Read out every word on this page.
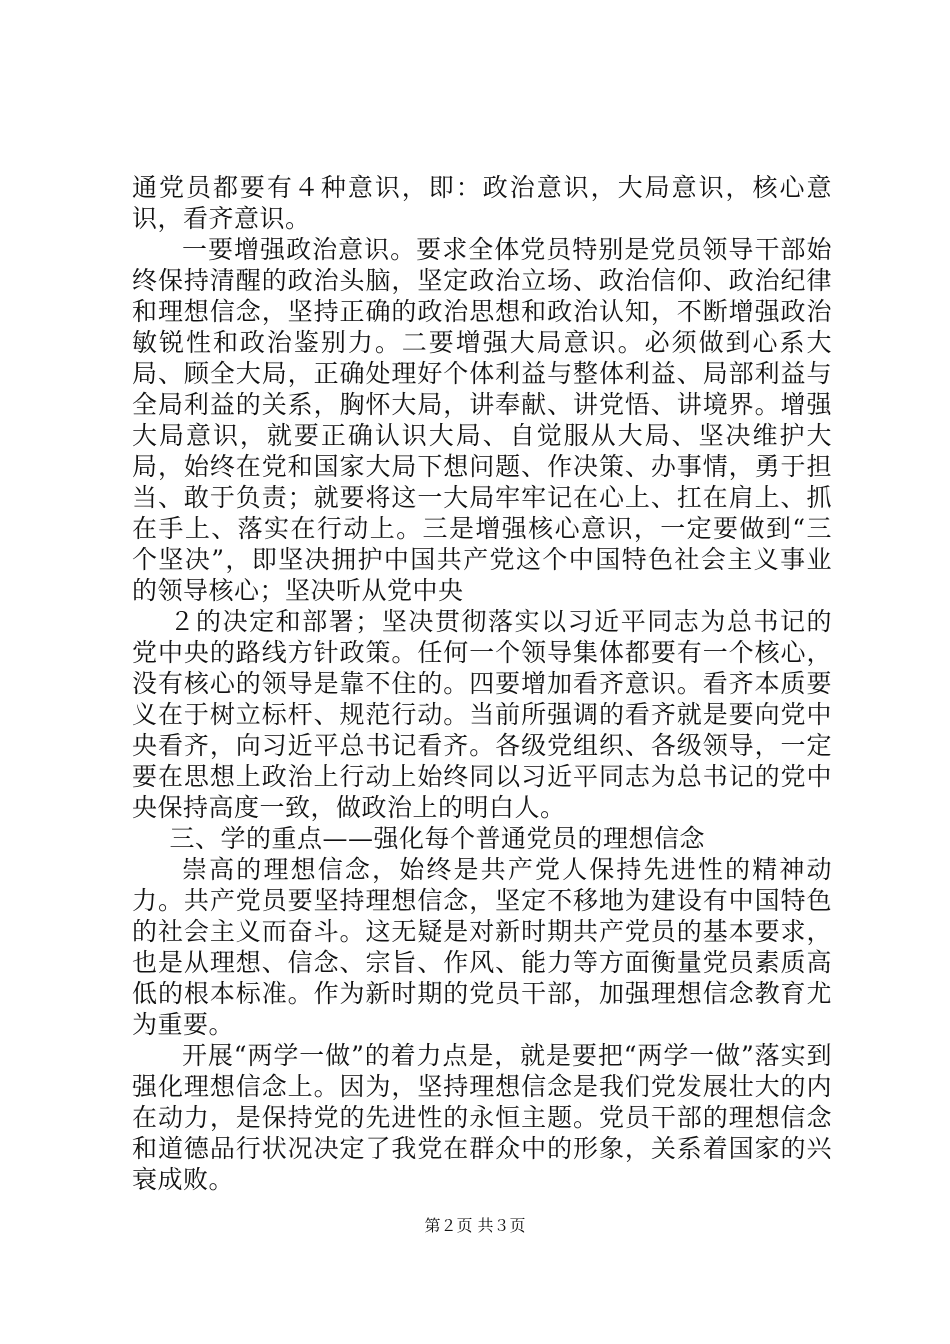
通党员都要有４种意识，即：政治意识，大局意识，核心意识，看齐意识。

一要增强政治意识。要求全体党员特别是党员领导干部始终保持清醒的政治头脑，坚定政治立场、政治信仰、政治纪律和理想信念，坚持正确的政治思想和政治认知，不断增强政治敏锐性和政治鉴别力。二要增强大局意识。必须做到心系大局、顾全大局，正确处理好个体利益与整体利益、局部利益与全局利益的关系，胸怀大局，讲奉献、讲党悟、讲境界。增强大局意识，就要正确认识大局、自觉服从大局、坚决维护大局，始终在党和国家大局下想问题、作决策、办事情，勇于担当、敢于负责；就要将这一大局牢牢记在心上、扛在肩上、抓在手上、落实在行动上。三是增强核心意识，一定要做到“三个坚决”，即坚决拥护中国共产党这个中国特色社会主义事业的领导核心；坚决听从党中央

２的决定和部署；坚决贯彻落实以习近平同志为总书记的党中央的路线方针政策。任何一个领导集体都要有一个核心，没有核心的领导是靠不住的。四要增加看齐意识。看齐本质要义在于树立标杆、规范行动。当前所强调的看齐就是要向党中央看齐，向习近平总书记看齐。各级党组织、各级领导，一定要在思想上政治上行动上始终同以习近平同志为总书记的党中央保持高度一致，做政治上的明白人。

三、学的重点——强化每个普通党员的理想信念

崇高的理想信念，始终是共产党人保持先进性的精神动力。共产党员要坚持理想信念，坚定不移地为建设有中国特色的社会主义而奋斗。这无疑是对新时期共产党员的基本要求，也是从理想、信念、宗旨、作风、能力等方面衡量党员素质高低的根本标准。作为新时期的党员干部，加强理想信念教育尤为重要。

开展“两学一做”的着力点是，就是要把“两学一做”落实到强化理想信念上。因为，坚持理想信念是我们党发展壮大的内在动力，是保持党的先进性的永恒主题。党员干部的理想信念和道德品行状况决定了我党在群众中的形象，关系着国家的兴衰成败。

第２页 共３页
